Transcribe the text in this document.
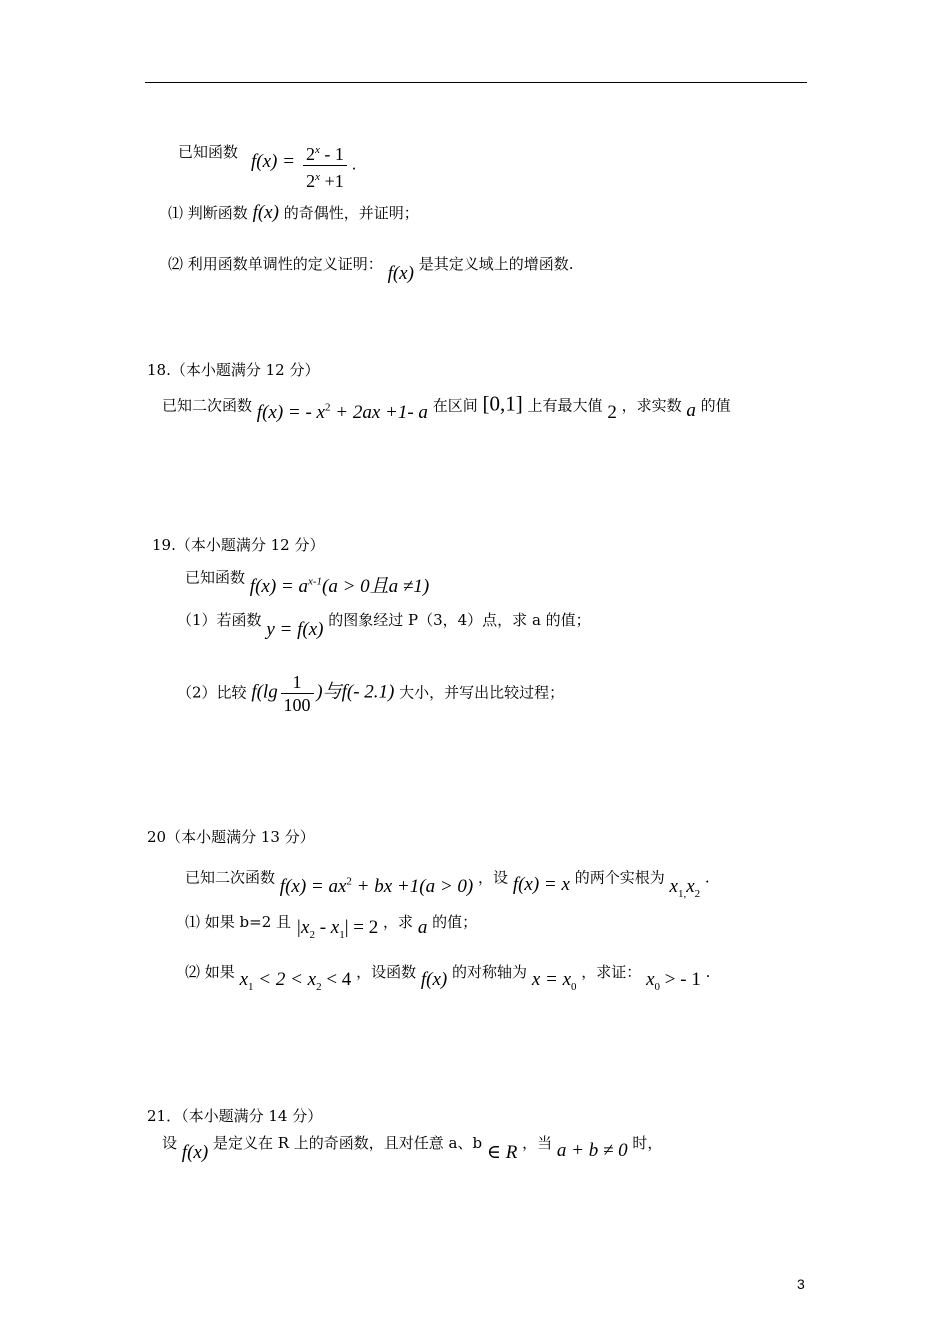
已知函数 $f(x) = \frac{2^x - 1}{2^x +1}$ .
⑴ 判断函数 f(x) 的奇偶性，并证明；
⑵ 利用函数单调性的定义证明： f(x) 是其定义域上的增函数.
18.（本小题满分 12 分）
已知二次函数 f(x) = - $x^2 + 2ax +1-$ a 在区间 [0,1] 上有最大值 2 ，求实数 a 的值
19.（本小题满分 12 分）
已知函数 $f(x) = a^{x-1}(a > 0$且a ≠1)
（1）若函数 y = f(x) 的图象经过 P（3，4）点，求 a 的值；
（2）比较 $f(\lg \frac{1}{100}$ )与f(- 2.1) 大小，并写出比较过程；
20（本小题满分 13 分）
已知二次函数 $f(x) = ax^2$ + bx +1(a > 0) ，设 f(x) = x 的两个实根为 $x_{1,}x_2$ .
⑴ 如果 b=2 且 $|x_2 - x_1| = 2$ ，求 a 的值；
⑵ 如果 $x_1 < 2 < x_2 < 4$ ，设函数 f(x) 的对称轴为 $x = x_0$ ，求证： $x_0$ > - 1 .
21．（本小题满分 14 分）
设 f(x) 是定义在 R 上的奇函数，且对任意 a、b ∈ R ，当 a + b ≠ 0 时，
3
